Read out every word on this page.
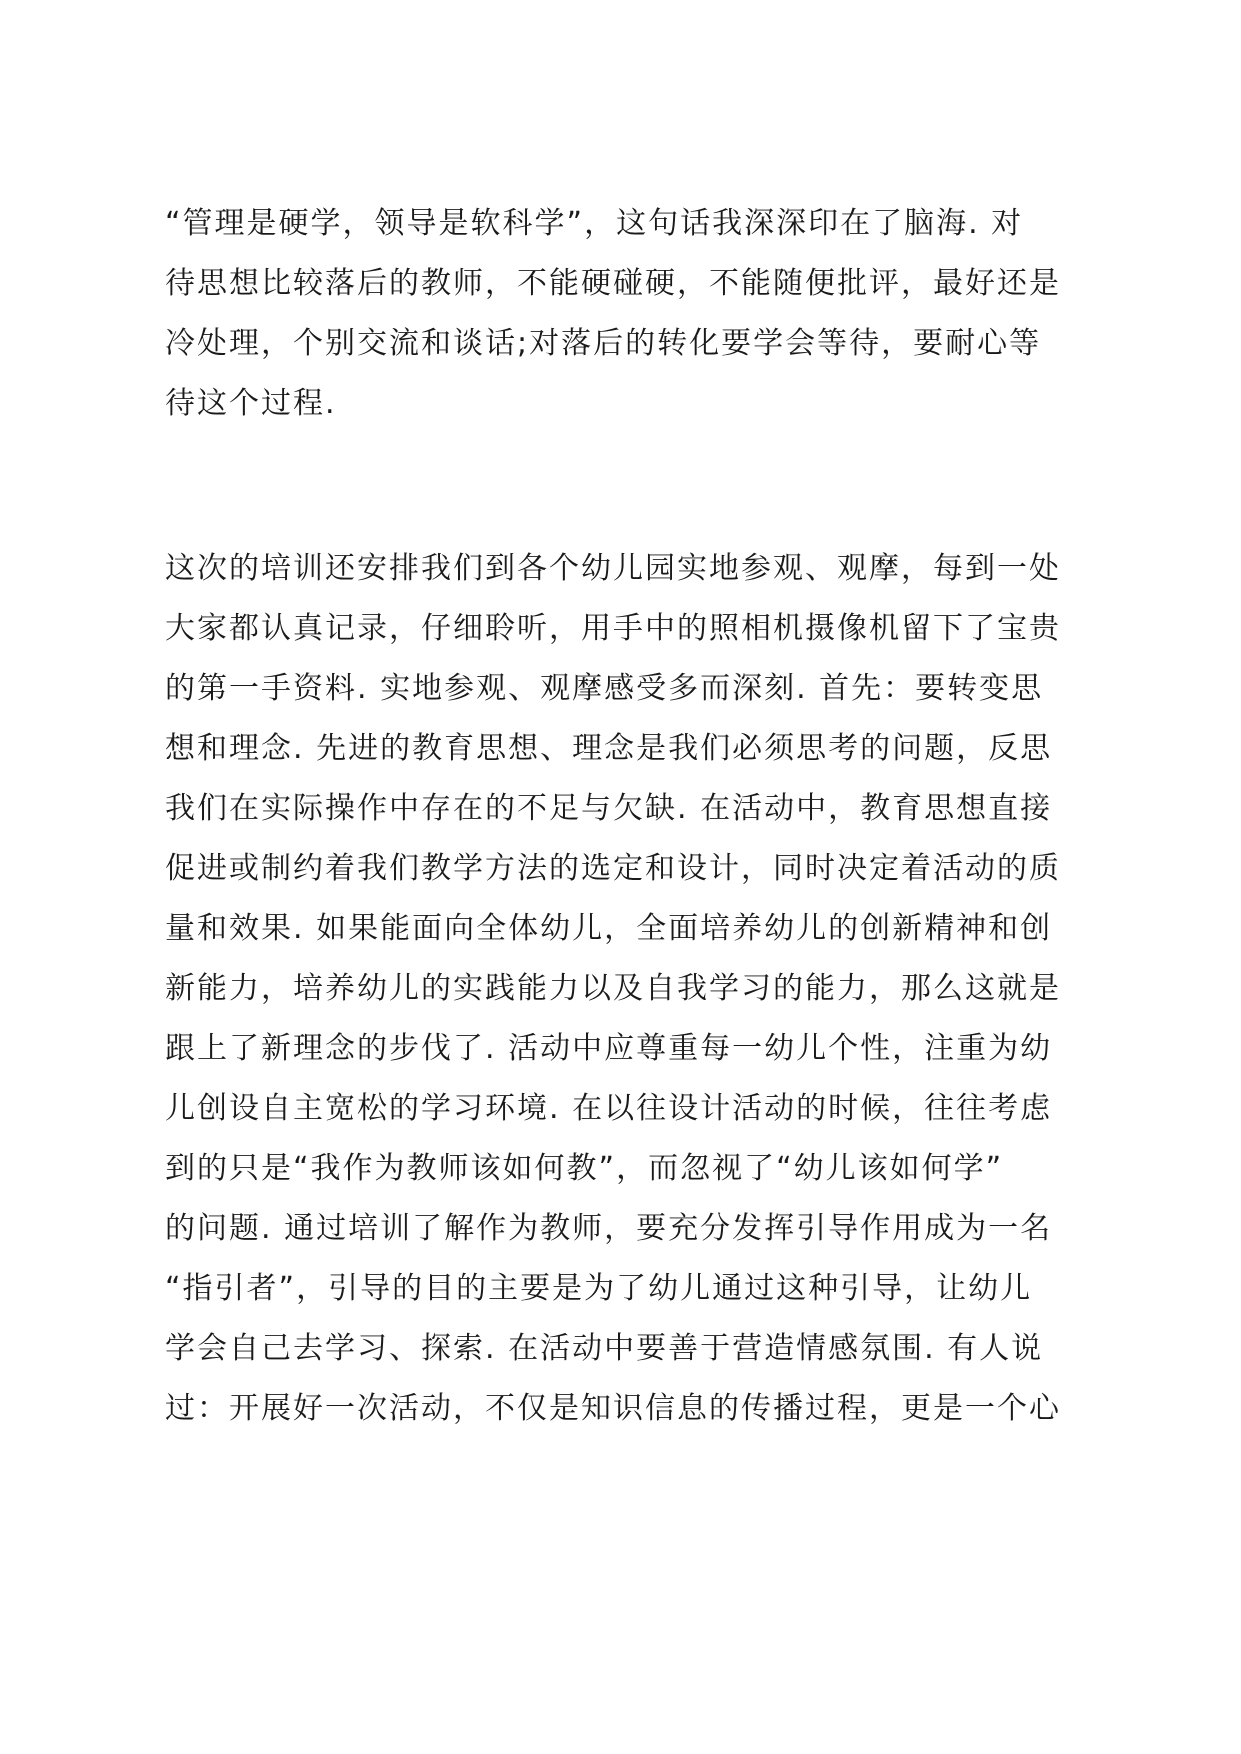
“管理是硬学，领导是软科学”，这句话我深深印在了脑海. 对
待思想比较落后的教师，不能硬碰硬，不能随便批评，最好还是
冷处理，个别交流和谈话;对落后的转化要学会等待，要耐心等
待这个过程.
这次的培训还安排我们到各个幼儿园实地参观、观摩，每到一处
大家都认真记录，仔细聆听，用手中的照相机摄像机留下了宝贵
的第一手资料. 实地参观、观摩感受多而深刻. 首先：要转变思
想和理念. 先进的教育思想、理念是我们必须思考的问题，反思
我们在实际操作中存在的不足与欠缺. 在活动中，教育思想直接
促进或制约着我们教学方法的选定和设计，同时决定着活动的质
量和效果. 如果能面向全体幼儿，全面培养幼儿的创新精神和创
新能力，培养幼儿的实践能力以及自我学习的能力，那么这就是
跟上了新理念的步伐了. 活动中应尊重每一幼儿个性，注重为幼
儿创设自主宽松的学习环境. 在以往设计活动的时候，往往考虑
到的只是“我作为教师该如何教”，而忽视了“幼儿该如何学”
的问题. 通过培训了解作为教师，要充分发挥引导作用成为一名
“指引者”，引导的目的主要是为了幼儿通过这种引导，让幼儿
学会自己去学习、探索. 在活动中要善于营造情感氛围. 有人说
过：开展好一次活动，不仅是知识信息的传播过程，更是一个心
